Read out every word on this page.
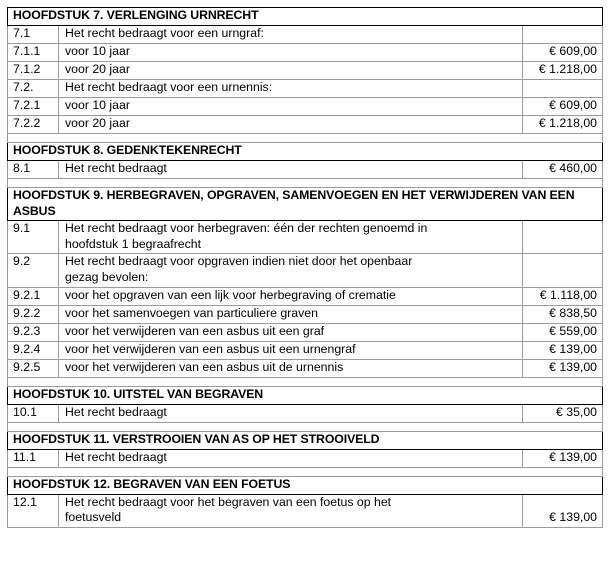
HOOFDSTUK 7. VERLENGING URNRECHT		
7.1	Het recht bedraagt voor een urngraf:	
7.1.1	voor 10 jaar	€ 609,00
7.1.2	voor 20 jaar	€ 1.218,00
7.2.	Het recht bedraagt voor een urnennis:	
7.2.1	voor 10 jaar	€ 609,00
7.2.2	voor 20 jaar	€ 1.218,00

HOOFDSTUK 8. GEDENKTEKENRECHT		
8.1	Het recht bedraagt	€ 460,00

HOOFDSTUK 9. HERBEGRAVEN, OPGRAVEN, SAMENVOEGEN EN HET VERWIJDEREN VAN EEN ASBUS		
9.1	Het recht bedraagt voor herbegraven: één der rechten genoemd in
hoofdstuk 1 begraafrecht	

9.2	Het recht bedraagt voor opgraven indien niet door het openbaar
gezag bevolen:	

9.2.1	voor het opgraven van een lijk voor herbegraving of crematie	€ 1.118,00
9.2.2	voor het samenvoegen van particuliere graven	€ 838,50
9.2.3	voor het verwijderen van een asbus uit een graf	€ 559,00
9.2.4	voor het verwijderen van een asbus uit een urnengraf	€ 139,00
9.2.5	voor het verwijderen van een asbus uit de urnennis	€ 139,00

HOOFDSTUK 10. UITSTEL VAN BEGRAVEN		
10.1	Het recht bedraagt	€ 35,00

HOOFDSTUK 11. VERSTROOIEN VAN AS OP HET STROOIVELD		
11.1	Het recht bedraagt	€ 139,00

HOOFDSTUK 12. BEGRAVEN VAN EEN FOETUS		
12.1	Het recht bedraagt voor het begraven van een foetus op het
foetusveld	€ 139,00
